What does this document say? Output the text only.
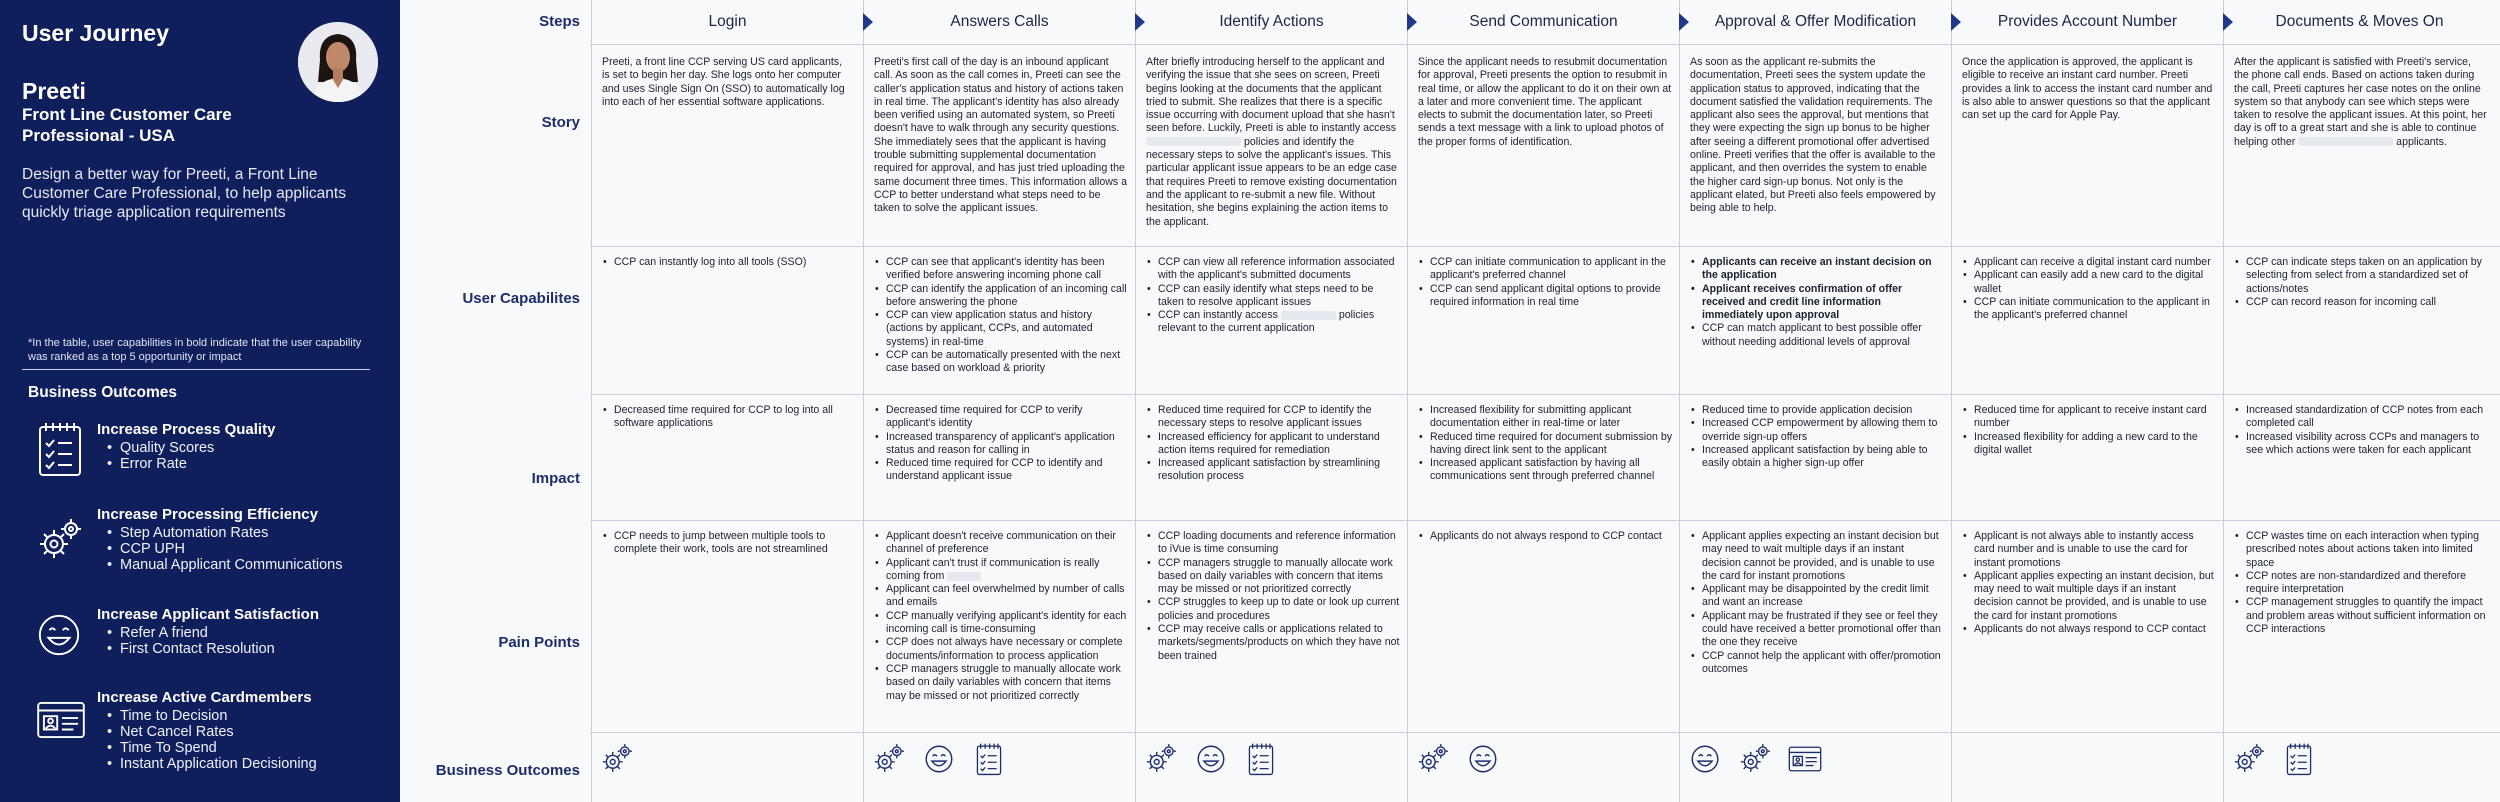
User Journey
Preeti
Front Line Customer Care Professional - USA
Design a better way for Preeti, a Front Line Customer Care Professional, to help applicants quickly triage application requirements
*In the table, user capabilities in bold indicate that the user capability was ranked as a top 5 opportunity or impact
Business Outcomes
Increase Process Quality
• Quality Scores
• Error Rate
Increase Processing Efficiency
• Step Automation Rates
• CCP UPH
• Manual Applicant Communications
Increase Applicant Satisfaction
• Refer A friend
• First Contact Resolution
Increase Active Cardmembers
• Time to Decision
• Net Cancel Rates
• Time To Spend
• Instant Application Decisioning
Steps
Story
User Capabilites
Impact
Pain Points
Business Outcomes
Login
Preeti, a front line CCP serving US card applicants, is set to begin her day. She logs onto her computer and uses Single Sign On (SSO) to automatically log into each of her essential software applications.
• CCP can instantly log into all tools (SSO)
• Decreased time required for CCP to log into all software applications
• CCP needs to jump between multiple tools to complete their work, tools are not streamlined
Answers Calls
Preeti's first call of the day is an inbound applicant call. As soon as the call comes in, Preeti can see the caller's application status and history of actions taken in real time. The applicant's identity has also already been verified using an automated system, so Preeti doesn't have to walk through any security questions. She immediately sees that the applicant is having trouble submitting supplemental documentation required for approval, and has just tried uploading the same document three times. This information allows a CCP to better understand what steps need to be taken to solve the applicant issues.
• CCP can see that applicant's identity has been verified before answering incoming phone call
• CCP can identify the application of an incoming call before answering the phone
• CCP can view application status and history (actions by applicant, CCPs, and automated systems) in real-time
• CCP can be automatically presented with the next case based on workload & priority
• Decreased time required for CCP to verify applicant's identity
• Increased transparency of applicant's application status and reason for calling in
• Reduced time required for CCP to identify and understand applicant issue
• Applicant doesn't receive communication on their channel of preference
• Applicant can't trust if communication is really coming from
• Applicant can feel overwhelmed by number of calls and emails
• CCP manually verifying applicant's identity for each incoming call is time-consuming
• CCP does not always have necessary or complete documents/information to process application
• CCP managers struggle to manually allocate work based on daily variables with concern that items may be missed or not prioritized correctly
Identify Actions
After briefly introducing herself to the applicant and verifying the issue that she sees on screen, Preeti begins looking at the documents that the applicant tried to submit. She realizes that there is a specific issue occurring with document upload that she hasn't seen before. Luckily, Preeti is able to instantly access  policies and identify the necessary steps to solve the applicant's issues. This particular applicant issue appears to be an edge case that requires Preeti to remove existing documentation and the applicant to re-submit a new file. Without hesitation, she begins explaining the action items to the applicant.
• CCP can view all reference information associated with the applicant's submitted documents
• CCP can easily identify what steps need to be taken to resolve applicant issues
• CCP can instantly access	policies relevant to the current application
• Reduced time required for CCP to identify the necessary steps to resolve applicant issues
• Increased efficiency for applicant to understand action items required for remediation
• Increased applicant satisfaction by streamlining resolution process
• CCP loading documents and reference information to iVue is time consuming
• CCP managers struggle to manually allocate work based on daily variables with concern that items may be missed or not prioritized correctly
• CCP struggles to keep up to date or look up current policies and procedures
• CCP may receive calls or applications related to markets/segments/products on which they have not been trained
Send Communication
Since the applicant needs to resubmit documentation for approval, Preeti presents the option to resubmit in real time, or allow the applicant to do it on their own at a later and more convenient time. The applicant elects to submit the documentation later, so Preeti sends a text message with a link to upload photos of the proper forms of identification.
• CCP can initiate communication to applicant in the applicant's preferred channel
• CCP can send applicant digital options to provide required information in real time
• Increased flexibility for submitting applicant documentation either in real-time or later
• Reduced time required for document submission by having direct link sent to the applicant
• Increased applicant satisfaction by having all communications sent through preferred channel
• Applicants do not always respond to CCP contact
Approval & Offer Modification
As soon as the applicant re-submits the documentation, Preeti sees the system update the application status to approved, indicating that the document satisfied the validation requirements. The applicant also sees the approval, but mentions that they were expecting the sign up bonus to be higher after seeing a different promotional offer advertised online. Preeti verifies that the offer is available to the applicant, and then overrides the system to enable the higher card sign-up bonus. Not only is the applicant elated, but Preeti also feels empowered by being able to help.
• Applicants can receive an instant decision on the application
• Applicant receives confirmation of offer received and credit line information immediately upon approval
• CCP can match applicant to best possible offer without needing additional levels of approval
• Reduced time to provide application decision
• Increased CCP empowerment by allowing them to override sign-up offers
• Increased applicant satisfaction by being able to easily obtain a higher sign-up offer
• Applicant applies expecting an instant decision but may need to wait multiple days if an instant decision cannot be provided, and is unable to use the card for instant promotions
• Applicant may be disappointed by the credit limit and want an increase
• Applicant may be frustrated if they see or feel they could have received a better promotional offer than the one they receive
• CCP cannot help the applicant with offer/promotion outcomes
Provides Account Number
Once the application is approved, the applicant is eligible to receive an instant card number. Preeti provides a link to access the instant card number and is also able to answer questions so that the applicant can set up the card for Apple Pay.
• Applicant can receive a digital instant card number
• Applicant can easily add a new card to the digital wallet
• CCP can initiate communication to the applicant in the applicant's preferred channel
• Reduced time for applicant to receive instant card number
• Increased flexibility for adding a new card to the digital wallet
• Applicant is not always able to instantly access card number and is unable to use the card for instant promotions
• Applicant applies expecting an instant decision, but may need to wait multiple days if an instant decision cannot be provided, and is unable to use the card for instant promotions
• Applicants do not always respond to CCP contact
Documents & Moves On
After the applicant is satisfied with Preeti's service, the phone call ends. Based on actions taken during the call, Preeti captures her case notes on the online system so that anybody can see which steps were taken to resolve the applicant issues. At this point, her day is off to a great start and she is able to continue helping other	applicants.
• CCP can indicate steps taken on an application by selecting from select from a standardized set of actions/notes
• CCP can record reason for incoming call
• Increased standardization of CCP notes from each completed call
• Increased visibility across CCPs and managers to see which actions were taken for each applicant
• CCP wastes time on each interaction when typing prescribed notes about actions taken into limited space
• CCP notes are non-standardized and therefore require interpretation
• CCP management struggles to quantify the impact and problem areas without sufficient information on CCP interactions
